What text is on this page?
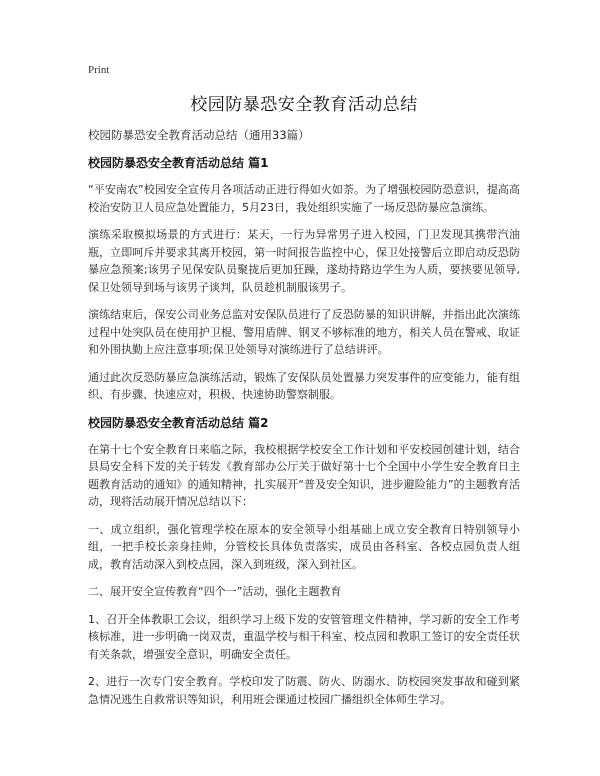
Print
校园防暴恐安全教育活动总结

校园防暴恐安全教育活动总结（通用33篇）

校园防暴恐安全教育活动总结 篇1

“平安南农”校园安全宣传月各项活动正进行得如火如荼。为了增强校园防恐意识，提高高校治安防卫人员应急处置能力，5月23日，我处组织实施了一场反恐防暴应急演练。

演练采取模拟场景的方式进行：某天，一行为异常男子进入校园，门卫发现其携带汽油瓶，立即呵斥并要求其离开校园，第一时间报告监控中心，保卫处接警后立即启动反恐防暴应急预案;该男子见保安队员聚拢后更加狂躁，遂劫持路边学生为人质，要挟要见领导,保卫处领导到场与该男子谈判，队员趁机制服该男子。

演练结束后，保安公司业务总监对安保队员进行了反恐防暴的知识讲解，并指出此次演练过程中处突队员在使用护卫棍、警用盾牌、钢叉不够标准的地方，相关人员在警戒、取证和外围执勤上应注意事项;保卫处领导对演练进行了总结讲评。

通过此次反恐防暴应急演练活动，锻炼了安保队员处置暴力突发事件的应变能力，能有组织、有步骤、快速应对，积极、快速协助警察制服。

校园防暴恐安全教育活动总结 篇2

在第十七个安全教育日来临之际，我校根据学校安全工作计划和平安校园创建计划，结合县局安全科下发的关于转发《教育部办公厅关于做好第十七个全国中小学生安全教育日主题教育活动的通知》的通知精神，扎实展开“普及安全知识，进步避险能力”的主题教育活动，现将活动展开情况总结以下：

一、成立组织，强化管理学校在原本的安全领导小组基础上成立安全教育日特别领导小组，一把手校长亲身挂帅，分管校长具体负责落实，成员由各科室、各校点园负责人组成，教育活动深入到校点园，深入到班级，深入到社区。

二、展开安全宣传教育“四个一”活动，强化主题教育

1、召开全体教职工会议，组织学习上级下发的安管管理文件精神，学习新的安全工作考核标准，进一步明确一岗双责，重温学校与相干科室、校点园和教职工签订的安全责任状有关条款，增强安全意识，明确安全责任。

2、进行一次专门安全教育。学校印发了防震、防火、防溺水、防校园突发事故和碰到紧急情况逃生自救常识等知识，利用班会课通过校园广播组织全体师生学习。
